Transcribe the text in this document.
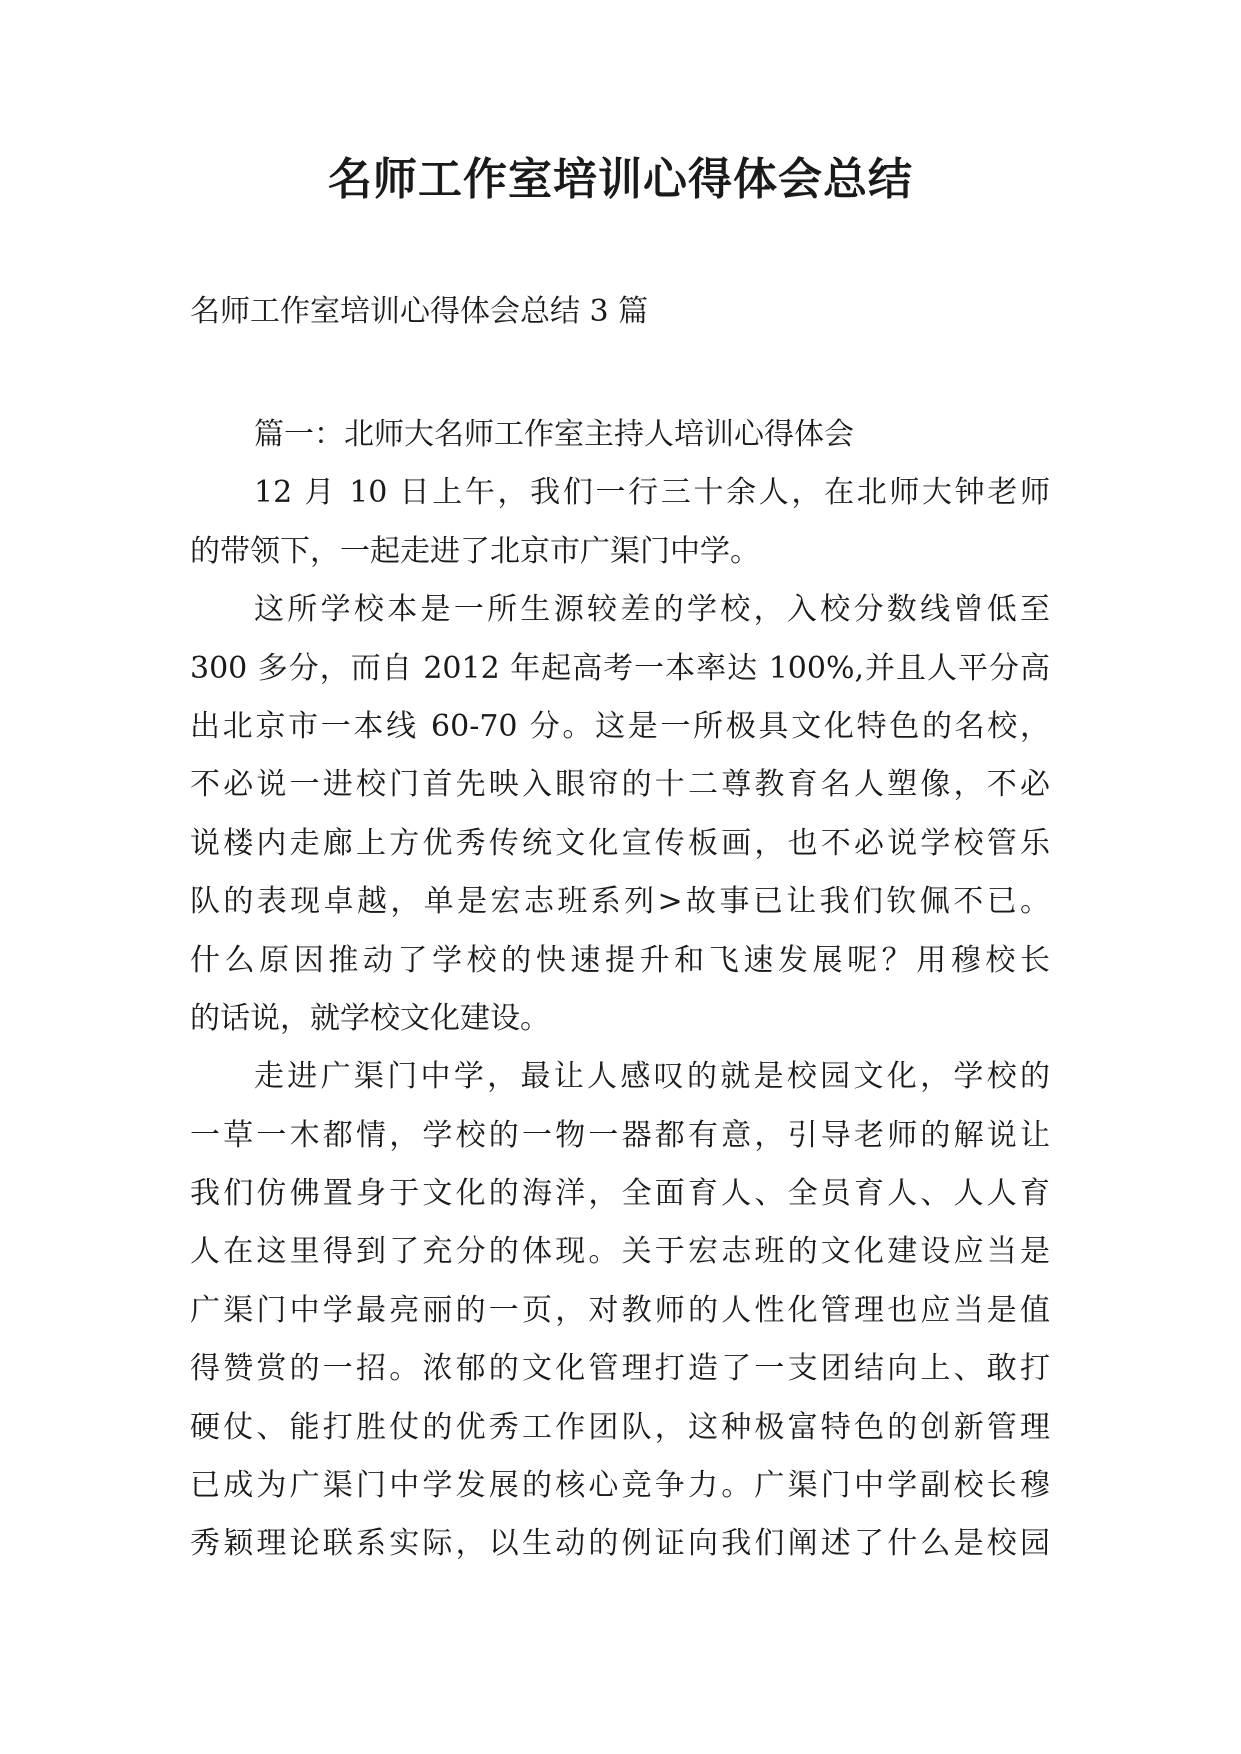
名师工作室培训心得体会总结
名师工作室培训心得体会总结 3 篇
篇一：北师大名师工作室主持人培训心得体会
12 月 10 日上午，我们一行三十余人，在北师大钟老师
的带领下，一起走进了北京市广渠门中学。
这所学校本是一所生源较差的学校，入校分数线曾低至
300 多分，而自 2012 年起高考一本率达 100%,并且人平分高
出北京市一本线 60-70 分。这是一所极具文化特色的名校，
不必说一进校门首先映入眼帘的十二尊教育名人塑像，不必
说楼内走廊上方优秀传统文化宣传板画，也不必说学校管乐
队的表现卓越，单是宏志班系列>故事已让我们钦佩不已。
什么原因推动了学校的快速提升和飞速发展呢？用穆校长
的话说，就学校文化建设。
走进广渠门中学，最让人感叹的就是校园文化，学校的
一草一木都情，学校的一物一器都有意，引导老师的解说让
我们仿佛置身于文化的海洋，全面育人、全员育人、人人育
人在这里得到了充分的体现。关于宏志班的文化建设应当是
广渠门中学最亮丽的一页，对教师的人性化管理也应当是值
得赞赏的一招。浓郁的文化管理打造了一支团结向上、敢打
硬仗、能打胜仗的优秀工作团队，这种极富特色的创新管理
已成为广渠门中学发展的核心竞争力。广渠门中学副校长穆
秀颖理论联系实际，以生动的例证向我们阐述了什么是校园
